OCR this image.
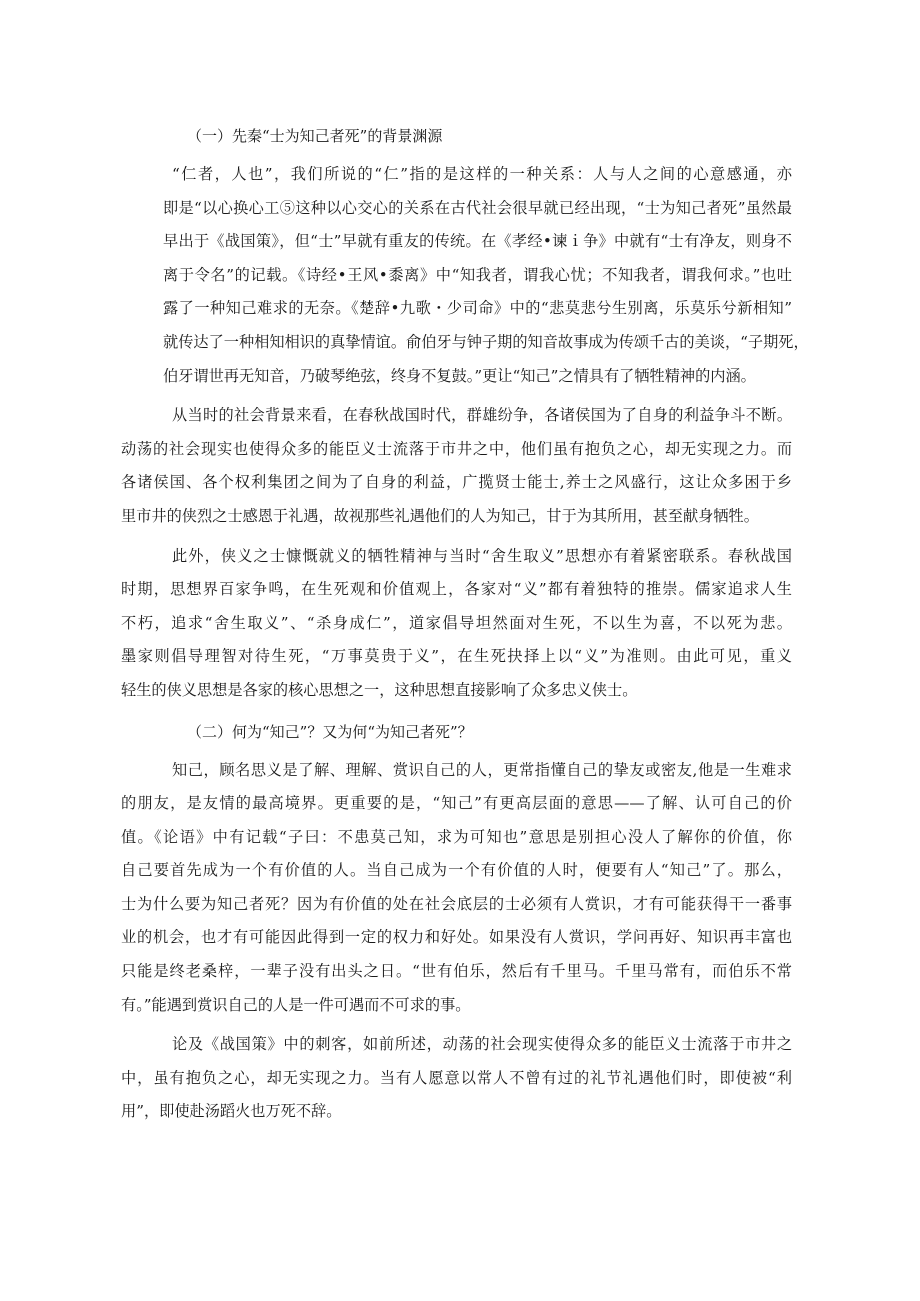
（一）先秦“士为知己者死”的背景渊源

“仁者，人也”，我们所说的“仁”指的是这样的一种关系：人与人之间的心意感通，亦
即是“以心换心工⑤这种以心交心的关系在古代社会很早就已经出现，“士为知己者死”虽然最
早出于《战国策》，但“士”早就有重友的传统。在《孝经•谏ｉ争》中就有“士有净友，则身不
离于令名”的记载。《诗经•王风•黍离》中“知我者，谓我心忧；不知我者，谓我何求。”也吐
露了一种知己难求的无奈。《楚辞•九歌・少司命》中的“悲莫悲兮生别离，乐莫乐兮新相知”
就传达了一种相知相识的真挚情谊。俞伯牙与钟子期的知音故事成为传颂千古的美谈，“子期死，
伯牙谓世再无知音，乃破琴绝弦，终身不复鼓。”更让“知己”之情具有了牺牲精神的内涵。

从当时的社会背景来看，在春秋战国时代，群雄纷争，各诸侯国为了自身的利益争斗不断。
动荡的社会现实也使得众多的能臣义士流落于市井之中，他们虽有抱负之心，却无实现之力。而
各诸侯国、各个权利集团之间为了自身的利益，广揽贤士能士,养士之风盛行，这让众多困于乡
里市井的侠烈之士感恩于礼遇，故视那些礼遇他们的人为知己，甘于为其所用，甚至献身牺牲。

此外，侠义之士慷慨就义的牺牲精神与当时“舍生取义”思想亦有着紧密联系。春秋战国
时期，思想界百家争鸣，在生死观和价值观上，各家对“义”都有着独特的推崇。儒家追求人生
不朽，追求“舍生取义”、“杀身成仁”，道家倡导坦然面对生死，不以生为喜，不以死为悲。
墨家则倡导理智对待生死，“万事莫贵于义”，在生死抉择上以“义”为准则。由此可见，重义
轻生的侠义思想是各家的核心思想之一，这种思想直接影响了众多忠义侠士。

（二）何为“知己”？又为何“为知己者死”？

知己，顾名思义是了解、理解、赏识自己的人，更常指懂自己的挚友或密友,他是一生难求
的朋友，是友情的最高境界。更重要的是，“知己”有更高层面的意思——了解、认可自己的价
值。《论语》中有记载“子曰：不患莫己知，求为可知也”意思是别担心没人了解你的价值，你
自己要首先成为一个有价值的人。当自己成为一个有价值的人时，便要有人“知己”了。那么，
士为什么要为知己者死？因为有价值的处在社会底层的士必须有人赏识，才有可能获得干一番事
业的机会，也才有可能因此得到一定的权力和好处。如果没有人赏识，学问再好、知识再丰富也
只能是终老桑梓，一辈子没有出头之日。“世有伯乐，然后有千里马。千里马常有，而伯乐不常
有。”能遇到赏识自己的人是一件可遇而不可求的事。

论及《战国策》中的刺客，如前所述，动荡的社会现实使得众多的能臣义士流落于市井之
中，虽有抱负之心，却无实现之力。当有人愿意以常人不曾有过的礼节礼遇他们时，即使被“利
用”，即使赴汤蹈火也万死不辞。
